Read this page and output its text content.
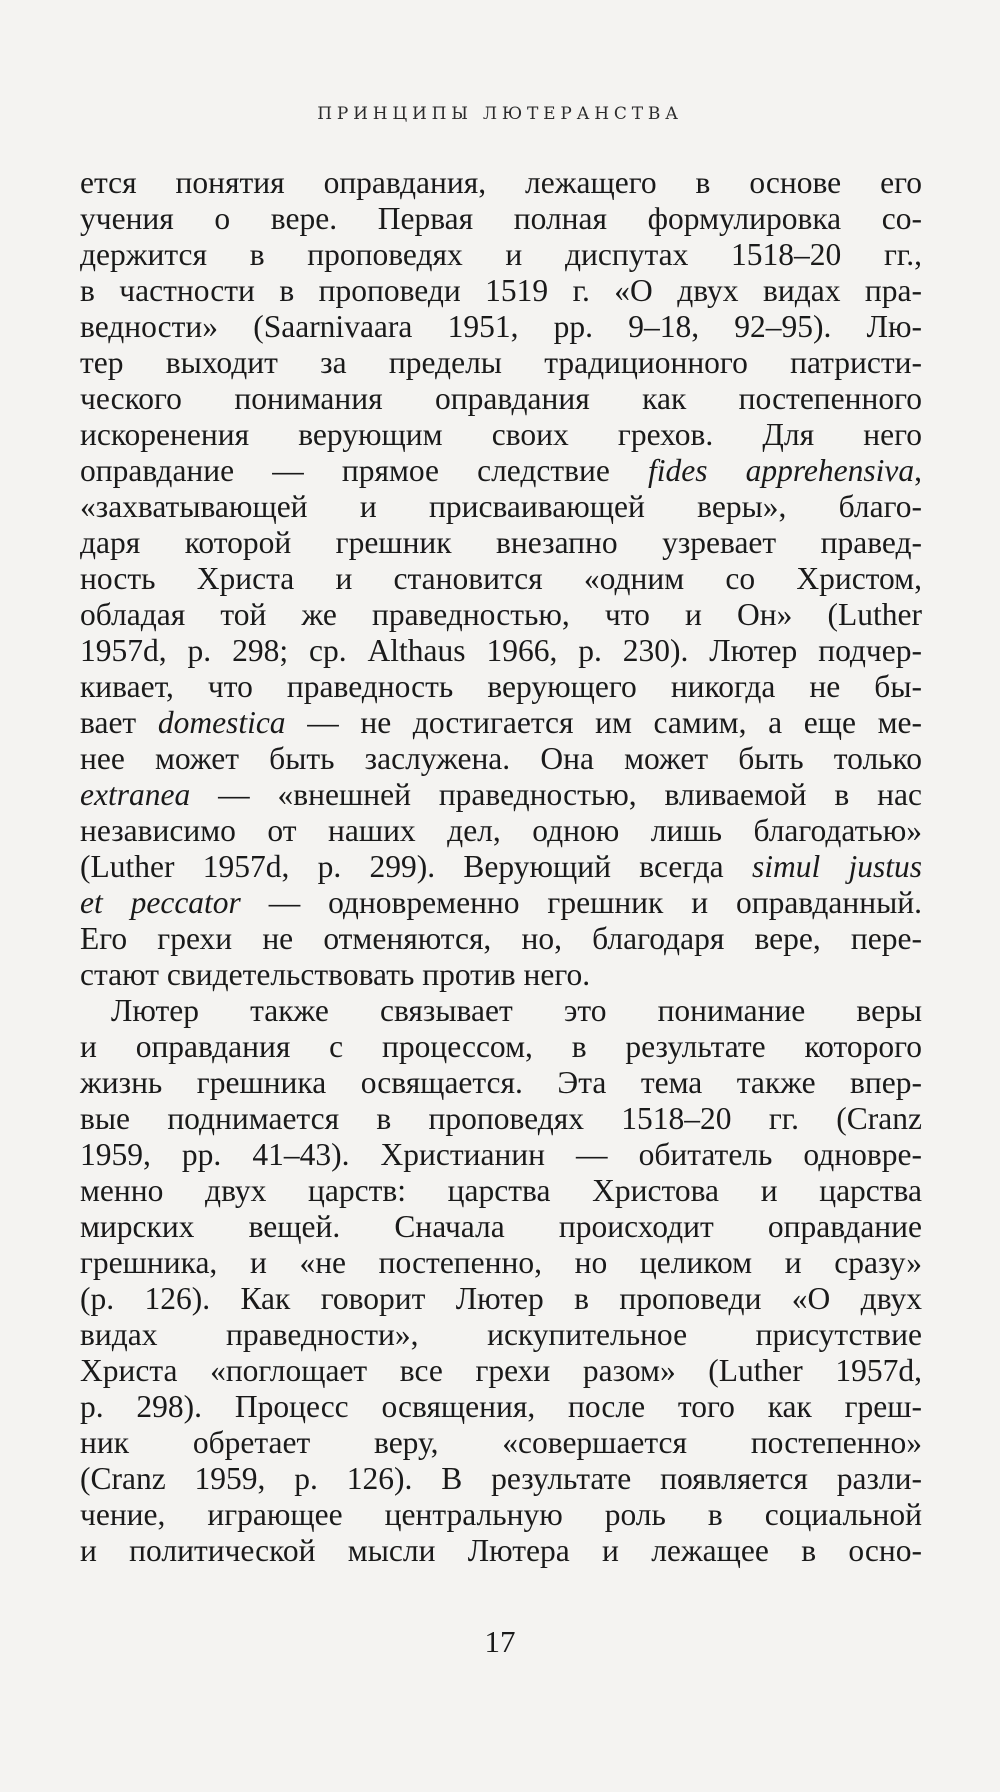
ПРИНЦИПЫ ЛЮТЕРАНСТВА
ется понятия оправдания, лежащего в основе его
учения о вере. Первая полная формулировка со-
держится в проповедях и диспутах 1518–20 гг.,
в частности в проповеди 1519 г. «О двух видах пра-
ведности» (Saarnivaara 1951, pp. 9–18, 92–95). Лю-
тер выходит за пределы традиционного патристи-
ческого понимания оправдания как постепенного
искоренения верующим своих грехов. Для него
оправдание — прямое следствие fides apprehensiva,
«захватывающей и присваивающей веры», благо-
даря которой грешник внезапно узревает правед-
ность Христа и становится «одним со Христом,
обладая той же праведностью, что и Он» (Luther
1957d, p. 298; ср. Althaus 1966, p. 230). Лютер подчер-
кивает, что праведность верующего никогда не бы-
вает domestica — не достигается им самим, а еще ме-
нее может быть заслужена. Она может быть только
extranea — «внешней праведностью, вливаемой в нас
независимо от наших дел, одною лишь благодатью»
(Luther 1957d, p. 299). Верующий всегда simul justus
et peccator — одновременно грешник и оправданный.
Его грехи не отменяются, но, благодаря вере, пере-
стают свидетельствовать против него.
Лютер также связывает это понимание веры
и оправдания с процессом, в результате которого
жизнь грешника освящается. Эта тема также впер-
вые поднимается в проповедях 1518–20 гг. (Cranz
1959, pp. 41–43). Христианин — обитатель одновре-
менно двух царств: царства Христова и царства
мирских вещей. Сначала происходит оправдание
грешника, и «не постепенно, но целиком и сразу»
(p. 126). Как говорит Лютер в проповеди «О двух
видах праведности», искупительное присутствие
Христа «поглощает все грехи разом» (Luther 1957d,
p. 298). Процесс освящения, после того как греш-
ник обретает веру, «совершается постепенно»
(Cranz 1959, p. 126). В результате появляется разли-
чение, играющее центральную роль в социальной
и политической мысли Лютера и лежащее в осно-
17
